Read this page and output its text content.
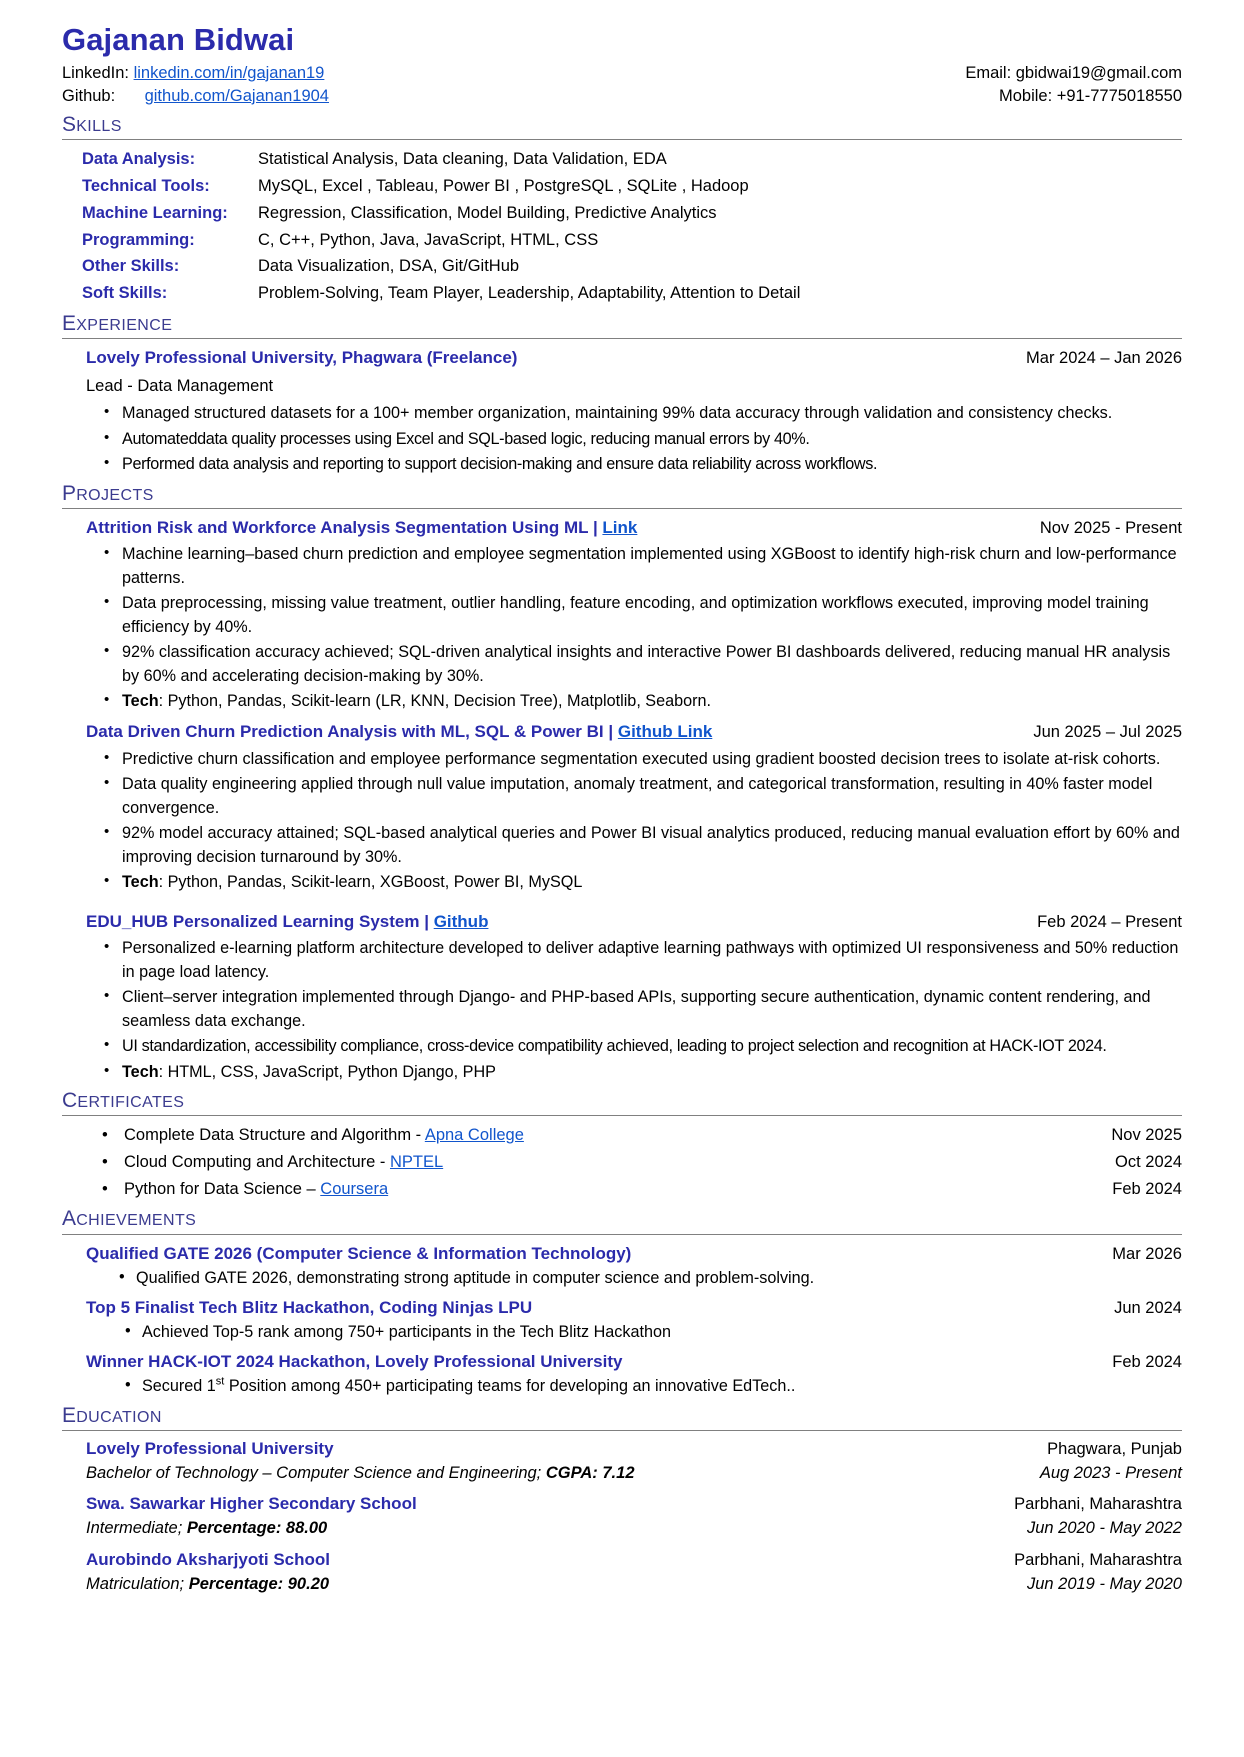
Gajanan Bidwai
LinkedIn: linkedin.com/in/gajanan19
Github: github.com/Gajanan1904
Email: gbidwai19@gmail.com
Mobile: +91-7775018550
SKILLS
Data Analysis:	Statistical Analysis, Data cleaning, Data Validation, EDA
Technical Tools:	MySQL, Excel , Tableau, Power BI , PostgreSQL , SQLite , Hadoop
Machine Learning:	Regression, Classification, Model Building, Predictive Analytics
Programming:	C, C++, Python, Java, JavaScript, HTML, CSS
Other Skills:	Data Visualization, DSA, Git/GitHub
Soft Skills:	Problem-Solving, Team Player, Leadership, Adaptability, Attention to Detail
EXPERIENCE
Lovely Professional University, Phagwara (Freelance)	Mar 2024 – Jan 2026
Lead - Data Management
• Managed structured datasets for a 100+ member organization, maintaining 99% data accuracy through validation and consistency checks.
• Automateddata quality processes using Excel and SQL-based logic, reducing manual errors by 40%.
• Performed data analysis and reporting to support decision-making and ensure data reliability across workflows.
PROJECTS
Attrition Risk and Workforce Analysis Segmentation Using ML | Link	Nov 2025 - Present
• Machine learning–based churn prediction and employee segmentation implemented using XGBoost to identify high-risk churn and low-performance patterns.
• Data preprocessing, missing value treatment, outlier handling, feature encoding, and optimization workflows executed, improving model training efficiency by 40%.
• 92% classification accuracy achieved; SQL-driven analytical insights and interactive Power BI dashboards delivered, reducing manual HR analysis by 60% and accelerating decision-making by 30%.
• Tech: Python, Pandas, Scikit-learn (LR, KNN, Decision Tree), Matplotlib, Seaborn.
Data Driven Churn Prediction Analysis with ML, SQL & Power BI | Github Link	Jun 2025 – Jul 2025
• Predictive churn classification and employee performance segmentation executed using gradient boosted decision trees to isolate at-risk cohorts.
• Data quality engineering applied through null value imputation, anomaly treatment, and categorical transformation, resulting in 40% faster model convergence.
• 92% model accuracy attained; SQL-based analytical queries and Power BI visual analytics produced, reducing manual evaluation effort by 60% and improving decision turnaround by 30%.
• Tech: Python, Pandas, Scikit-learn, XGBoost, Power BI, MySQL
EDU_HUB Personalized Learning System | Github	Feb 2024 – Present
• Personalized e-learning platform architecture developed to deliver adaptive learning pathways with optimized UI responsiveness and 50% reduction in page load latency.
• Client–server integration implemented through Django- and PHP-based APIs, supporting secure authentication, dynamic content rendering, and seamless data exchange.
• UI standardization, accessibility compliance, cross-device compatibility achieved, leading to project selection and recognition at HACK-IOT 2024.
• Tech: HTML, CSS, JavaScript, Python Django, PHP
CERTIFICATES
• Complete Data Structure and Algorithm - Apna College	Nov 2025
• Cloud Computing and Architecture - NPTEL	Oct 2024
• Python for Data Science – Coursera	Feb 2024
ACHIEVEMENTS
Qualified GATE 2026 (Computer Science & Information Technology)	Mar 2026
• Qualified GATE 2026, demonstrating strong aptitude in computer science and problem-solving.
Top 5 Finalist Tech Blitz Hackathon, Coding Ninjas LPU	Jun 2024
• Achieved Top-5 rank among 750+ participants in the Tech Blitz Hackathon
Winner HACK-IOT 2024 Hackathon, Lovely Professional University	Feb 2024
• Secured 1st Position among 450+ participating teams for developing an innovative EdTech..
EDUCATION
Lovely Professional University	Phagwara, Punjab
Bachelor of Technology – Computer Science and Engineering; CGPA: 7.12	Aug 2023 - Present
Swa. Sawarkar Higher Secondary School	Parbhani, Maharashtra
Intermediate; Percentage: 88.00	Jun 2020 - May 2022
Aurobindo Aksharjyoti School	Parbhani, Maharashtra
Matriculation; Percentage: 90.20	Jun 2019 - May 2020
